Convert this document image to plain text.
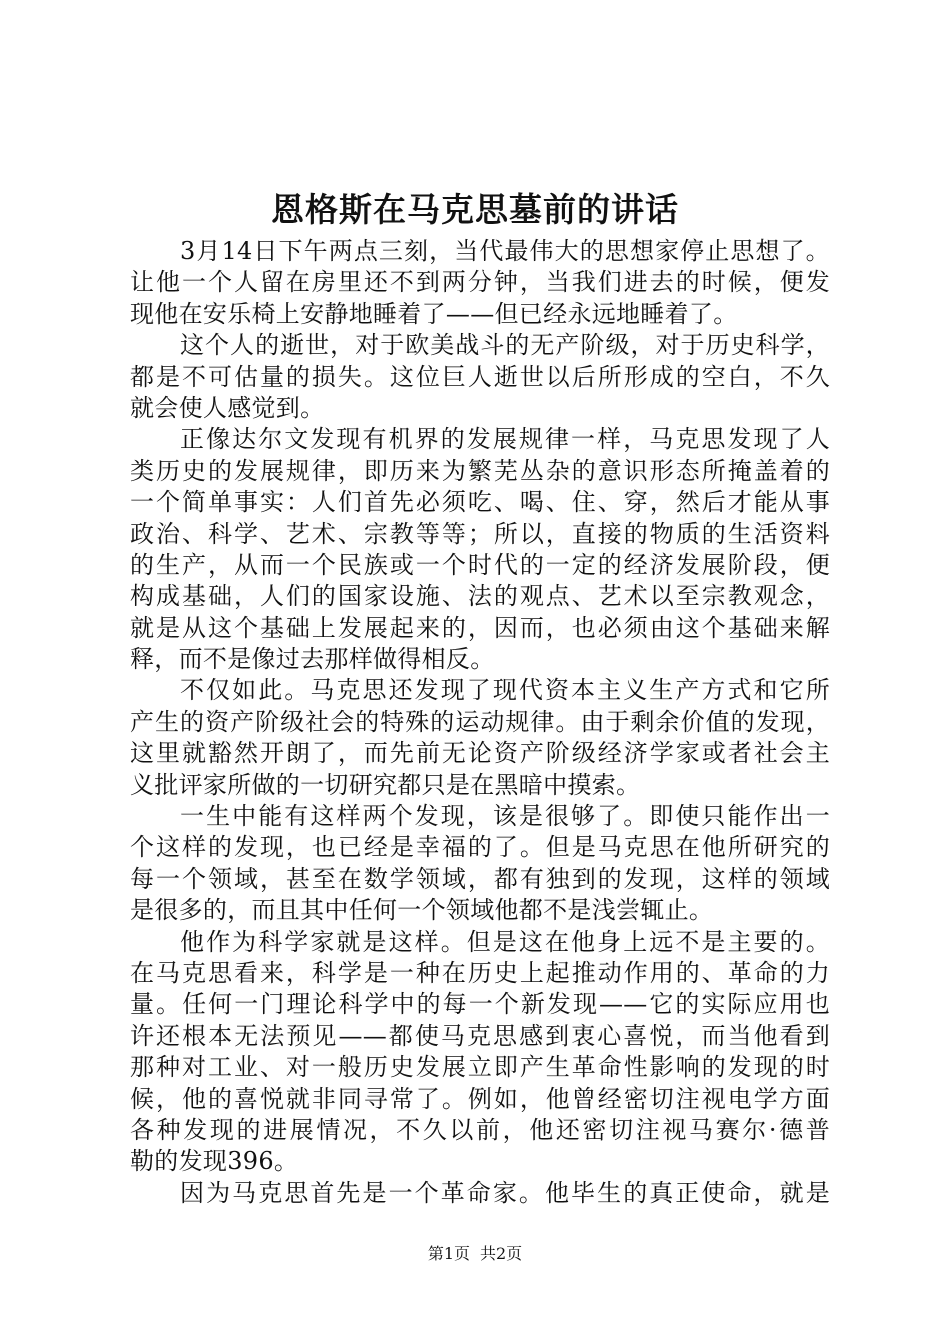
恩格斯在马克思墓前的讲话
3月14日下午两点三刻，当代最伟大的思想家停止思想了。
让他一个人留在房里还不到两分钟，当我们进去的时候，便发
现他在安乐椅上安静地睡着了——但已经永远地睡着了。
这个人的逝世，对于欧美战斗的无产阶级，对于历史科学，
都是不可估量的损失。这位巨人逝世以后所形成的空白，不久
就会使人感觉到。
正像达尔文发现有机界的发展规律一样，马克思发现了人
类历史的发展规律，即历来为繁芜丛杂的意识形态所掩盖着的
一个简单事实：人们首先必须吃、喝、住、穿，然后才能从事
政治、科学、艺术、宗教等等；所以，直接的物质的生活资料
的生产，从而一个民族或一个时代的一定的经济发展阶段，便
构成基础，人们的国家设施、法的观点、艺术以至宗教观念，
就是从这个基础上发展起来的，因而，也必须由这个基础来解
释，而不是像过去那样做得相反。
不仅如此。马克思还发现了现代资本主义生产方式和它所
产生的资产阶级社会的特殊的运动规律。由于剩余价值的发现，
这里就豁然开朗了，而先前无论资产阶级经济学家或者社会主
义批评家所做的一切研究都只是在黑暗中摸索。
一生中能有这样两个发现，该是很够了。即使只能作出一
个这样的发现，也已经是幸福的了。但是马克思在他所研究的
每一个领域，甚至在数学领域，都有独到的发现，这样的领域
是很多的，而且其中任何一个领域他都不是浅尝辄止。
他作为科学家就是这样。但是这在他身上远不是主要的。
在马克思看来，科学是一种在历史上起推动作用的、革命的力
量。任何一门理论科学中的每一个新发现——它的实际应用也
许还根本无法预见——都使马克思感到衷心喜悦，而当他看到
那种对工业、对一般历史发展立即产生革命性影响的发现的时
候，他的喜悦就非同寻常了。例如，他曾经密切注视电学方面
各种发现的进展情况，不久以前，他还密切注视马赛尔·德普
勒的发现396。
因为马克思首先是一个革命家。他毕生的真正使命，就是
第1页 共2页
